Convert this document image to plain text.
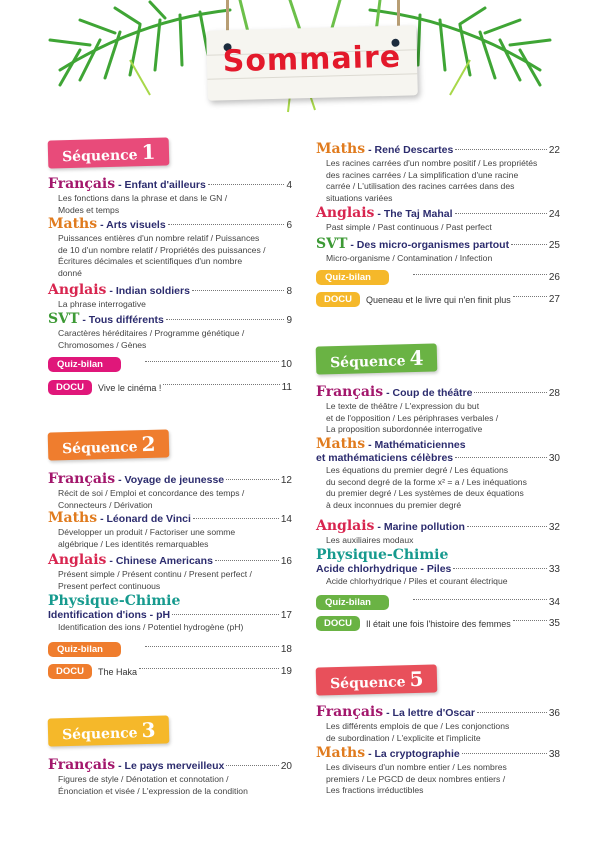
Sommaire
Séquence 1
Français - Enfant d'ailleurs	4
Les fonctions dans la phrase et dans le GN /
Modes et temps
Maths - Arts visuels	6
Puissances entières d'un nombre relatif / Puissances
de 10 d'un nombre relatif / Propriétés des puissances /
Écritures décimales et scientifiques d'un nombre
donné
Anglais - Indian soldiers	8
La phrase interrogative
SVT - Tous différents	9
Caractères héréditaires / Programme génétique /
Chromosomes / Gènes
Quiz-bilan	10
DOCU	Vive le cinéma !	11
Séquence 2
Français - Voyage de jeunesse	12
Récit de soi / Emploi et concordance des temps /
Connecteurs / Dérivation
Maths - Léonard de Vinci	14
Développer un produit / Factoriser une somme
algébrique / Les identités remarquables
Anglais - Chinese Americans	16
Présent simple / Présent continu / Present perfect /
Present perfect continuous
Physique-Chimie
Identification d'ions - pH	17
Identification des ions / Potentiel hydrogène (pH)
Quiz-bilan	18
DOCU	The Haka	19
Séquence 3
Français - Le pays merveilleux	20
Figures de style / Dénotation et connotation /
Énonciation et visée / L'expression de la condition
Maths - René Descartes	22
Les racines carrées d'un nombre positif / Les propriétés
des racines carrées / La simplification d'une racine
carrée / L'utilisation des racines carrées dans des
situations variées
Anglais - The Taj Mahal	24
Past simple / Past continuous / Past perfect
SVT - Des micro-organismes partout	25
Micro-organisme / Contamination / Infection
Quiz-bilan	26
DOCU	Queneau et le livre qui n'en finit plus	27
Séquence 4
Français - Coup de théâtre	28
Le texte de théâtre / L'expression du but
et de l'opposition / Les périphrases verbales /
La proposition subordonnée interrogative
Maths - Mathématiciennes
et mathématiciens célèbres	30
Les équations du premier degré / Les équations
du second degré de la forme x² = a / Les inéquations
du premier degré / Les systèmes de deux équations
à deux inconnues du premier degré
Anglais - Marine pollution	32
Les auxiliaires modaux
Physique-Chimie
Acide chlorhydrique - Piles	33
Acide chlorhydrique / Piles et courant électrique
Quiz-bilan	34
DOCU	Il était une fois l'histoire des femmes	35
Séquence 5
Français - La lettre d'Oscar	36
Les différents emplois de que / Les conjonctions
de subordination / L'explicite et l'implicite
Maths - La cryptographie	38
Les diviseurs d'un nombre entier / Les nombres
premiers / Le PGCD de deux nombres entiers /
Les fractions irréductibles
